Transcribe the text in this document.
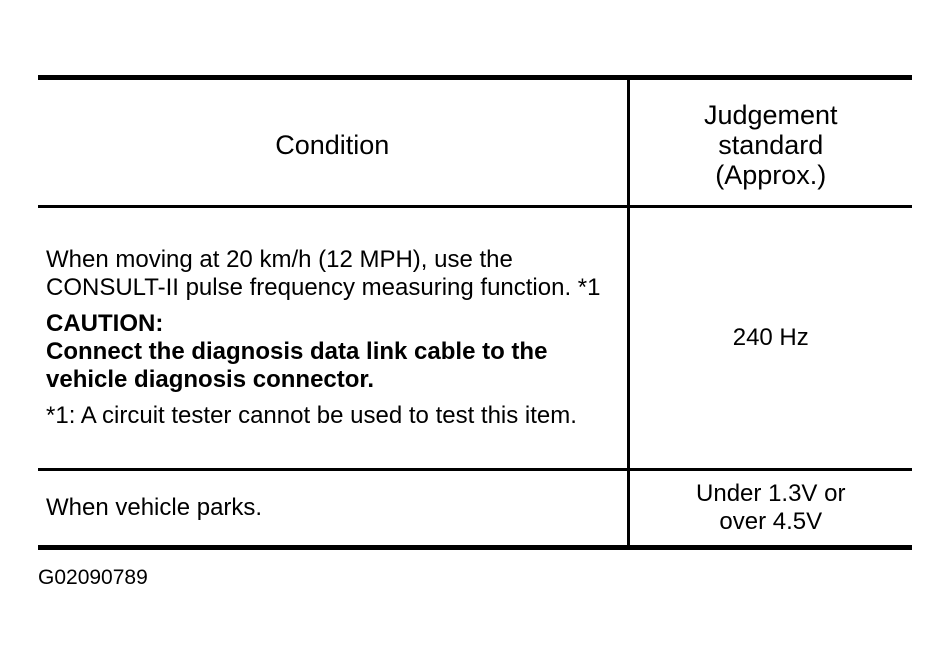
Condition	Judgement
standard
(Approx.)

When moving at 20 km/h (12 MPH), use the CONSULT-II pulse frequency measuring function. *1

CAUTION:

Connect the diagnosis data link cable to the vehicle diagnosis connector.

*1: A circuit tester cannot be used to test this item.	240 Hz
When vehicle parks.	Under 1.3V or
over 4.5V
G02090789
